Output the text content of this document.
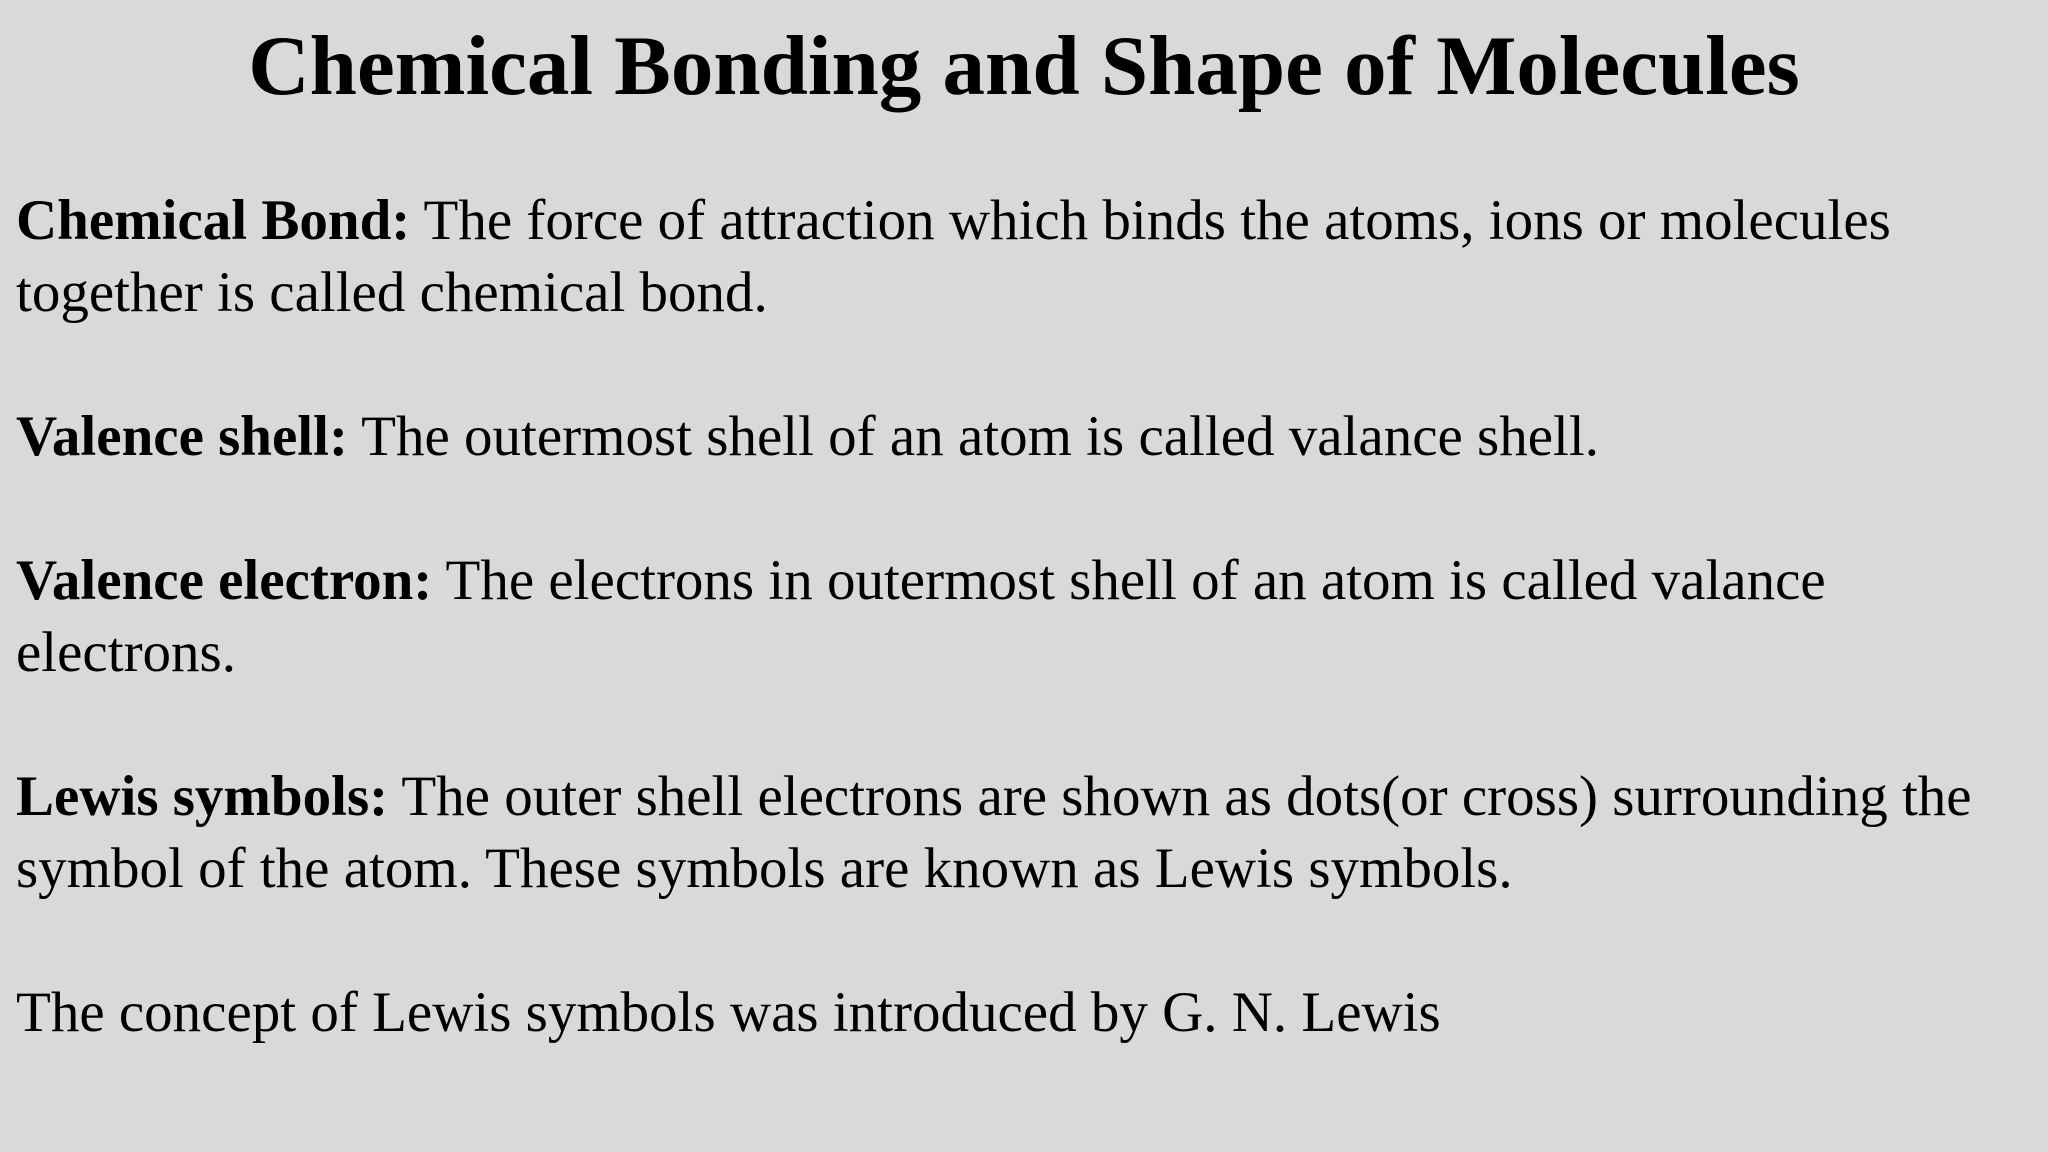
Chemical Bonding and Shape of Molecules

Chemical Bond: The force of attraction which binds the atoms, ions or molecules together is called chemical bond.

Valence shell: The outermost shell of an atom is called valance shell.

Valence electron: The electrons in outermost shell of an atom is called valance electrons.

Lewis symbols: The outer shell electrons are shown as dots(or cross) surrounding the symbol of the atom. These symbols are known as Lewis symbols.

The concept of Lewis symbols was introduced by G. N. Lewis
